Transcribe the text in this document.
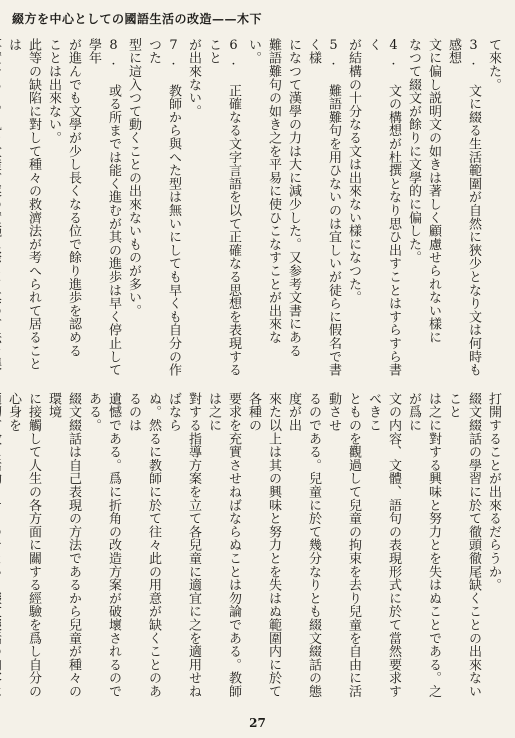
綴方を中心としての國語生活の改造——木下

て來た。

3. 文に綴る生活範圍が自然に狹少となり文は何時も感想

文に偏し説明文の如きは著しく顧慮せられない樣に

なつて綴文が餘りに文學的に偏した。

4. 文の構想が杜撰となり思ひ出すことはすらすら書く

が結構の十分なる文は出來ない樣になつた。

5. 難語難句を用ひないのは宜しいが徒らに假名で書く樣

になつて漢學の力は大に減少した。又参考文書にある

難語難句の如き之を平易に使ひこなすことが出來な

い。

6. 正確なる文字言語を以て正確なる思想を表現すること

が出來ない。

7. 教師から與へた型は無いにしても早くも自分の作つた

型に這入つて動くことの出來ないものが多い。

8. 或る所までは能く進むが其の進歩は早く停止して學年

が進んでも文學が少し長くなる位で餘り進歩を認める

ことは出來ない。

此等の缺陷に對して種々の救濟法が考へられて居ることは

打開することが出來るだらうか。

綴文綴話の學習に於て徹頭徹尾缺くことの出來ないこと

は之に對する興味と努力とを失はぬことである。之が爲に

文の内容、文體、語句の表現形式に於て當然要求すべきこ

とものを觀過して兒童の拘束を去り兒童を自由に活動させ

るのである。兒童に於て幾分なりとも綴文綴話の態度が出

來た以上は其の興味と努力とを失はぬ範圍内に於て各種の

要求を充實させねばならぬことは勿論である。教師は之に

對する指導方案を立て各兒童に適宜に之を適用せねばなら

ぬ。然るに教師に於て往々此の用意が缺くことのあるのは

遺憾である。爲に折角の改造方案が破壞されるのである。

綴文綴話は自己表現の方法であるから兒童が種々の環境

に接觸して人生の各方面に關する經驗を爲し自分の心身を

27
